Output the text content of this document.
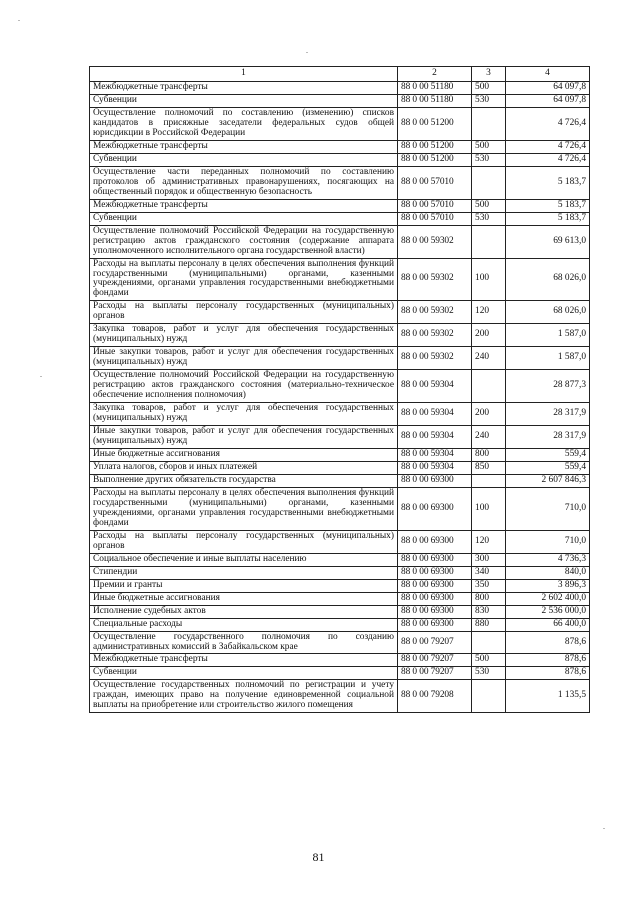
1	2	3	4
Межбюджетные трансферты	88 0 00 51180	500	64 097,8
Субвенции	88 0 00 51180	530	64 097,8
Осуществление полномочий по составлению (изменению) списков кандидатов в присяжные заседатели федеральных судов общей юрисдикции в Российской Федерации	88 0 00 51200		4 726,4
Межбюджетные трансферты	88 0 00 51200	500	4 726,4
Субвенции	88 0 00 51200	530	4 726,4
Осуществление части переданных полномочий по составлению протоколов об административных правонарушениях, посягающих на общественный порядок и общественную безопасность	88 0 00 57010		5 183,7
Межбюджетные трансферты	88 0 00 57010	500	5 183,7
Субвенции	88 0 00 57010	530	5 183,7
Осуществление полномочий Российской Федерации на государственную регистрацию актов гражданского состояния (содержание аппарата уполномоченного исполнительного органа государственной власти)	88 0 00 59302		69 613,0
Расходы на выплаты персоналу в целях обеспечения выполнения функций государственными (муниципальными) органами, казенными учреждениями, органами управления государственными внебюджетными фондами	88 0 00 59302	100	68 026,0
Расходы на выплаты персоналу государственных (муниципальных) органов	88 0 00 59302	120	68 026,0
Закупка товаров, работ и услуг для обеспечения государственных (муниципальных) нужд	88 0 00 59302	200	1 587,0
Иные закупки товаров, работ и услуг для обеспечения государственных (муниципальных) нужд	88 0 00 59302	240	1 587,0
Осуществление полномочий Российской Федерации на государственную регистрацию актов гражданского состояния (материально-техническое обеспечение исполнения полномочия)	88 0 00 59304		28 877,3
Закупка товаров, работ и услуг для обеспечения государственных (муниципальных) нужд	88 0 00 59304	200	28 317,9
Иные закупки товаров, работ и услуг для обеспечения государственных (муниципальных) нужд	88 0 00 59304	240	28 317,9
Иные бюджетные ассигнования	88 0 00 59304	800	559,4
Уплата налогов, сборов и иных платежей	88 0 00 59304	850	559,4
Выполнение других обязательств государства	88 0 00 69300		2 607 846,3
Расходы на выплаты персоналу в целях обеспечения выполнения функций государственными (муниципальными) органами, казенными учреждениями, органами управления государственными внебюджетными фондами	88 0 00 69300	100	710,0
Расходы на выплаты персоналу государственных (муниципальных) органов	88 0 00 69300	120	710,0
Социальное обеспечение и иные выплаты населению	88 0 00 69300	300	4 736,3
Стипендии	88 0 00 69300	340	840,0
Премии и гранты	88 0 00 69300	350	3 896,3
Иные бюджетные ассигнования	88 0 00 69300	800	2 602 400,0
Исполнение судебных актов	88 0 00 69300	830	2 536 000,0
Специальные расходы	88 0 00 69300	880	66 400,0
Осуществление государственного полномочия по созданию административных комиссий в Забайкальском крае	88 0 00 79207		878,6
Межбюджетные трансферты	88 0 00 79207	500	878,6
Субвенции	88 0 00 79207	530	878,6
Осуществление государственных полномочий по регистрации и учету граждан, имеющих право на получение единовременной социальной выплаты на приобретение или строительство жилого помещения	88 0 00 79208		1 135,5
81
